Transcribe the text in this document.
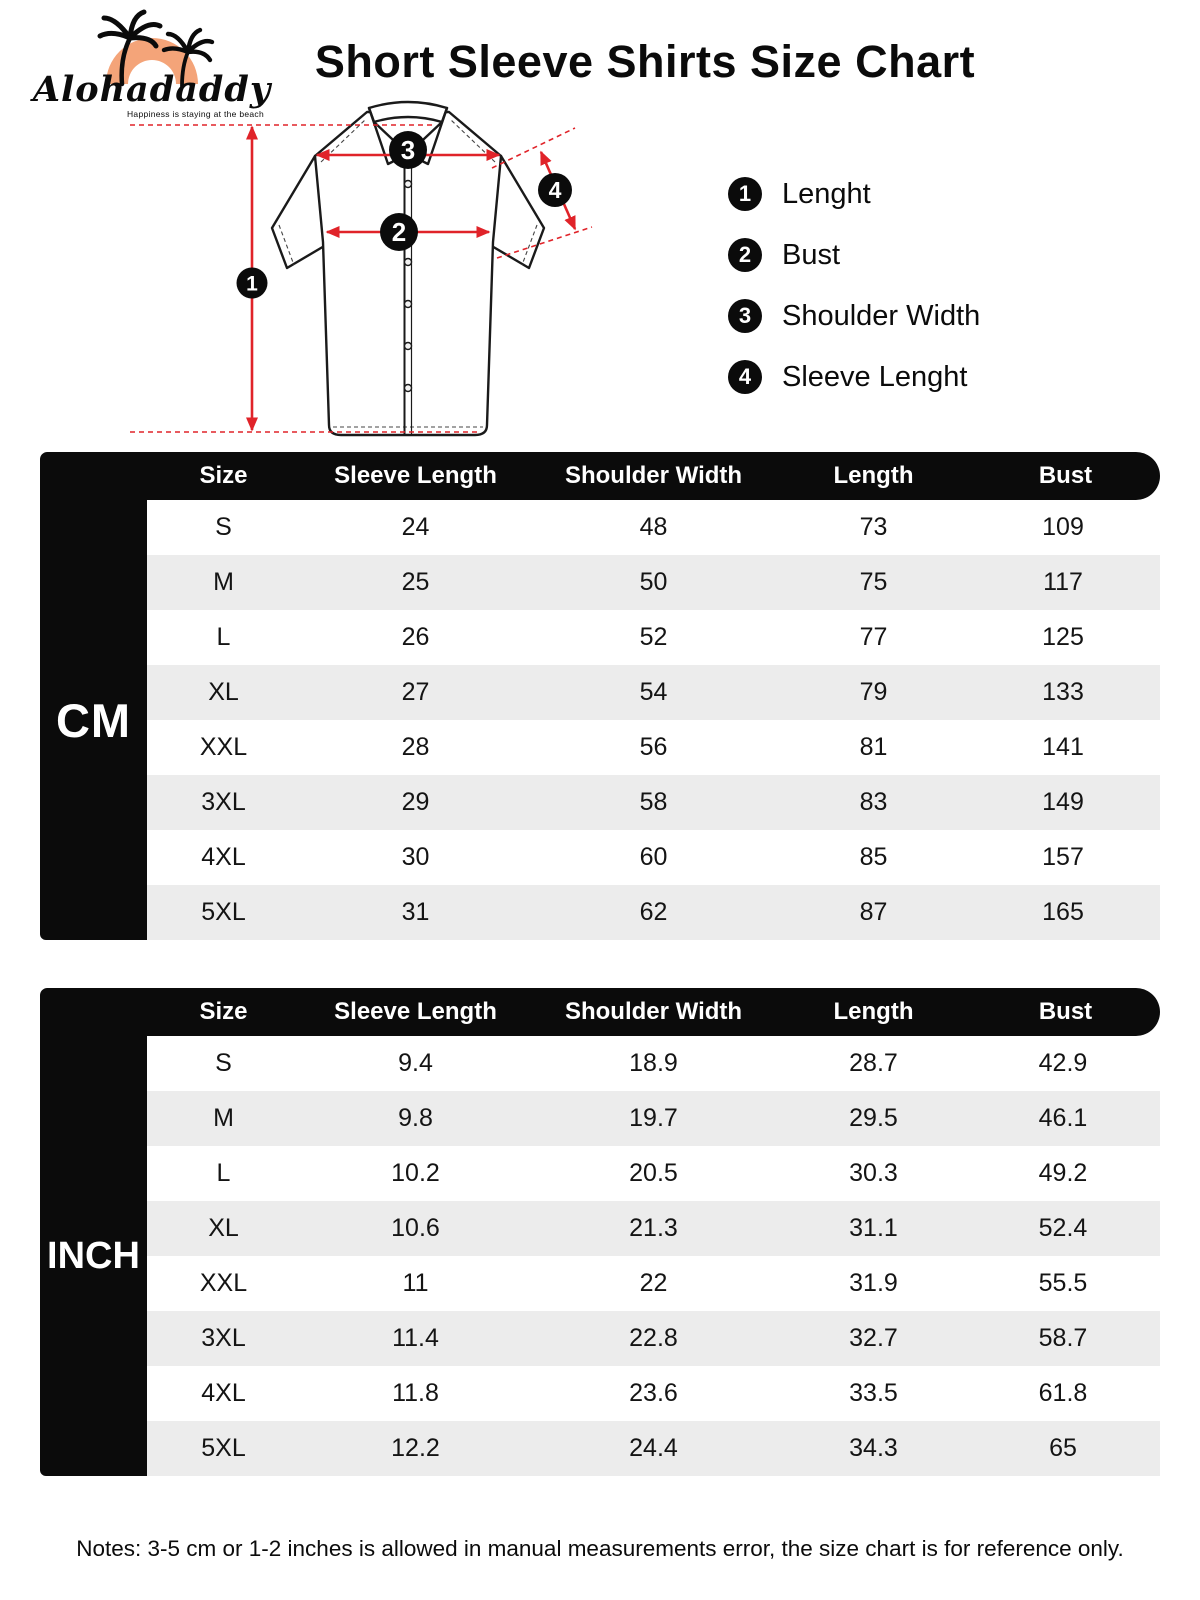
Alohadaddy
Happiness is staying at the beach
Short Sleeve Shirts Size Chart
1
2
3
4	1	Lenght
2	Bust
3	Shoulder Width
4	Sleeve Lenght
Size	Sleeve Length	Shoulder Width	Length	Bust
CM
S	24	48	73	109
M	25	50	75	117
L	26	52	77	125
XL	27	54	79	133
XXL	28	56	81	141
3XL	29	58	83	149
4XL	30	60	85	157
5XL	31	62	87	165
Size	Sleeve Length	Shoulder Width	Length	Bust
INCH
S	9.4	18.9	28.7	42.9
M	9.8	19.7	29.5	46.1
L	10.2	20.5	30.3	49.2
XL	10.6	21.3	31.1	52.4
XXL	11	22	31.9	55.5
3XL	11.4	22.8	32.7	58.7
4XL	11.8	23.6	33.5	61.8
5XL	12.2	24.4	34.3	65
Notes: 3-5 cm or 1-2 inches is allowed in manual measurements error, the size chart is for reference only.
